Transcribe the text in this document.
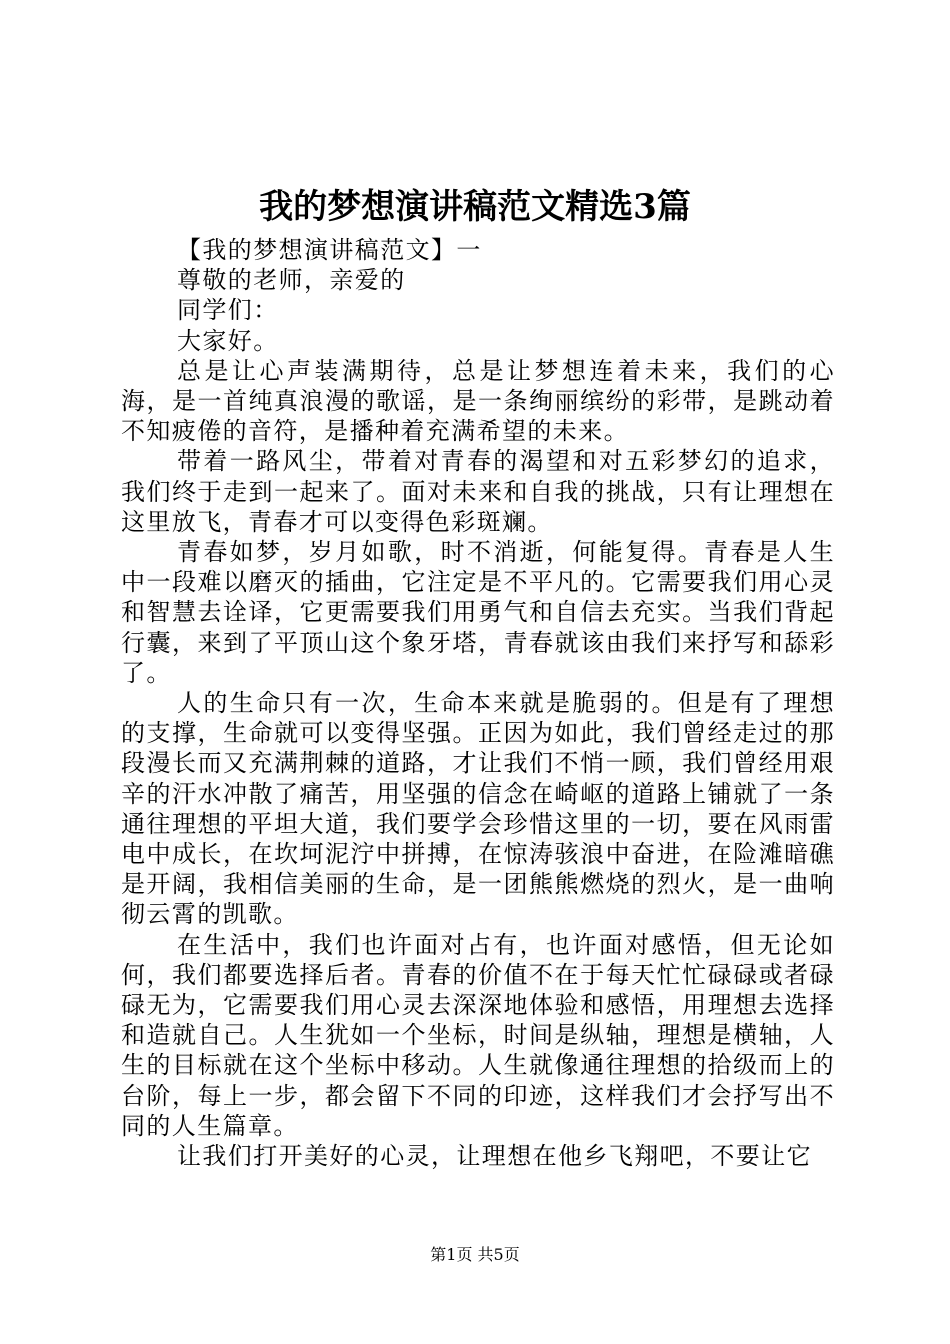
我的梦想演讲稿范文精选3篇

【我的梦想演讲稿范文】一

尊敬的老师，亲爱的

同学们：

大家好。

总是让心声装满期待，总是让梦想连着未来，我们的心海，是一首纯真浪漫的歌谣，是一条绚丽缤纷的彩带，是跳动着不知疲倦的音符，是播种着充满希望的未来。

带着一路风尘，带着对青春的渴望和对五彩梦幻的追求，我们终于走到一起来了。面对未来和自我的挑战，只有让理想在这里放飞，青春才可以变得色彩斑斓。

青春如梦，岁月如歌，时不消逝，何能复得。青春是人生中一段难以磨灭的插曲，它注定是不平凡的。它需要我们用心灵和智慧去诠译，它更需要我们用勇气和自信去充实。当我们背起行囊，来到了平顶山这个象牙塔，青春就该由我们来抒写和舔彩了。

人的生命只有一次，生命本来就是脆弱的。但是有了理想的支撑，生命就可以变得坚强。正因为如此，我们曾经走过的那段漫长而又充满荆棘的道路，才让我们不悄一顾，我们曾经用艰辛的汗水冲散了痛苦，用坚强的信念在崎岖的道路上铺就了一条通往理想的平坦大道，我们要学会珍惜这里的一切，要在风雨雷电中成长，在坎坷泥泞中拼搏，在惊涛骇浪中奋进，在险滩暗礁是开阔，我相信美丽的生命，是一团熊熊燃烧的烈火，是一曲响彻云霄的凯歌。

在生活中，我们也许面对占有，也许面对感悟，但无论如何，我们都要选择后者。青春的价值不在于每天忙忙碌碌或者碌碌无为，它需要我们用心灵去深深地体验和感悟，用理想去选择和造就自己。人生犹如一个坐标，时间是纵轴，理想是横轴，人生的目标就在这个坐标中移动。人生就像通往理想的拾级而上的台阶，每上一步，都会留下不同的印迹，这样我们才会抒写出不同的人生篇章。

让我们打开美好的心灵，让理想在他乡飞翔吧，不要让它

第1页 共5页
